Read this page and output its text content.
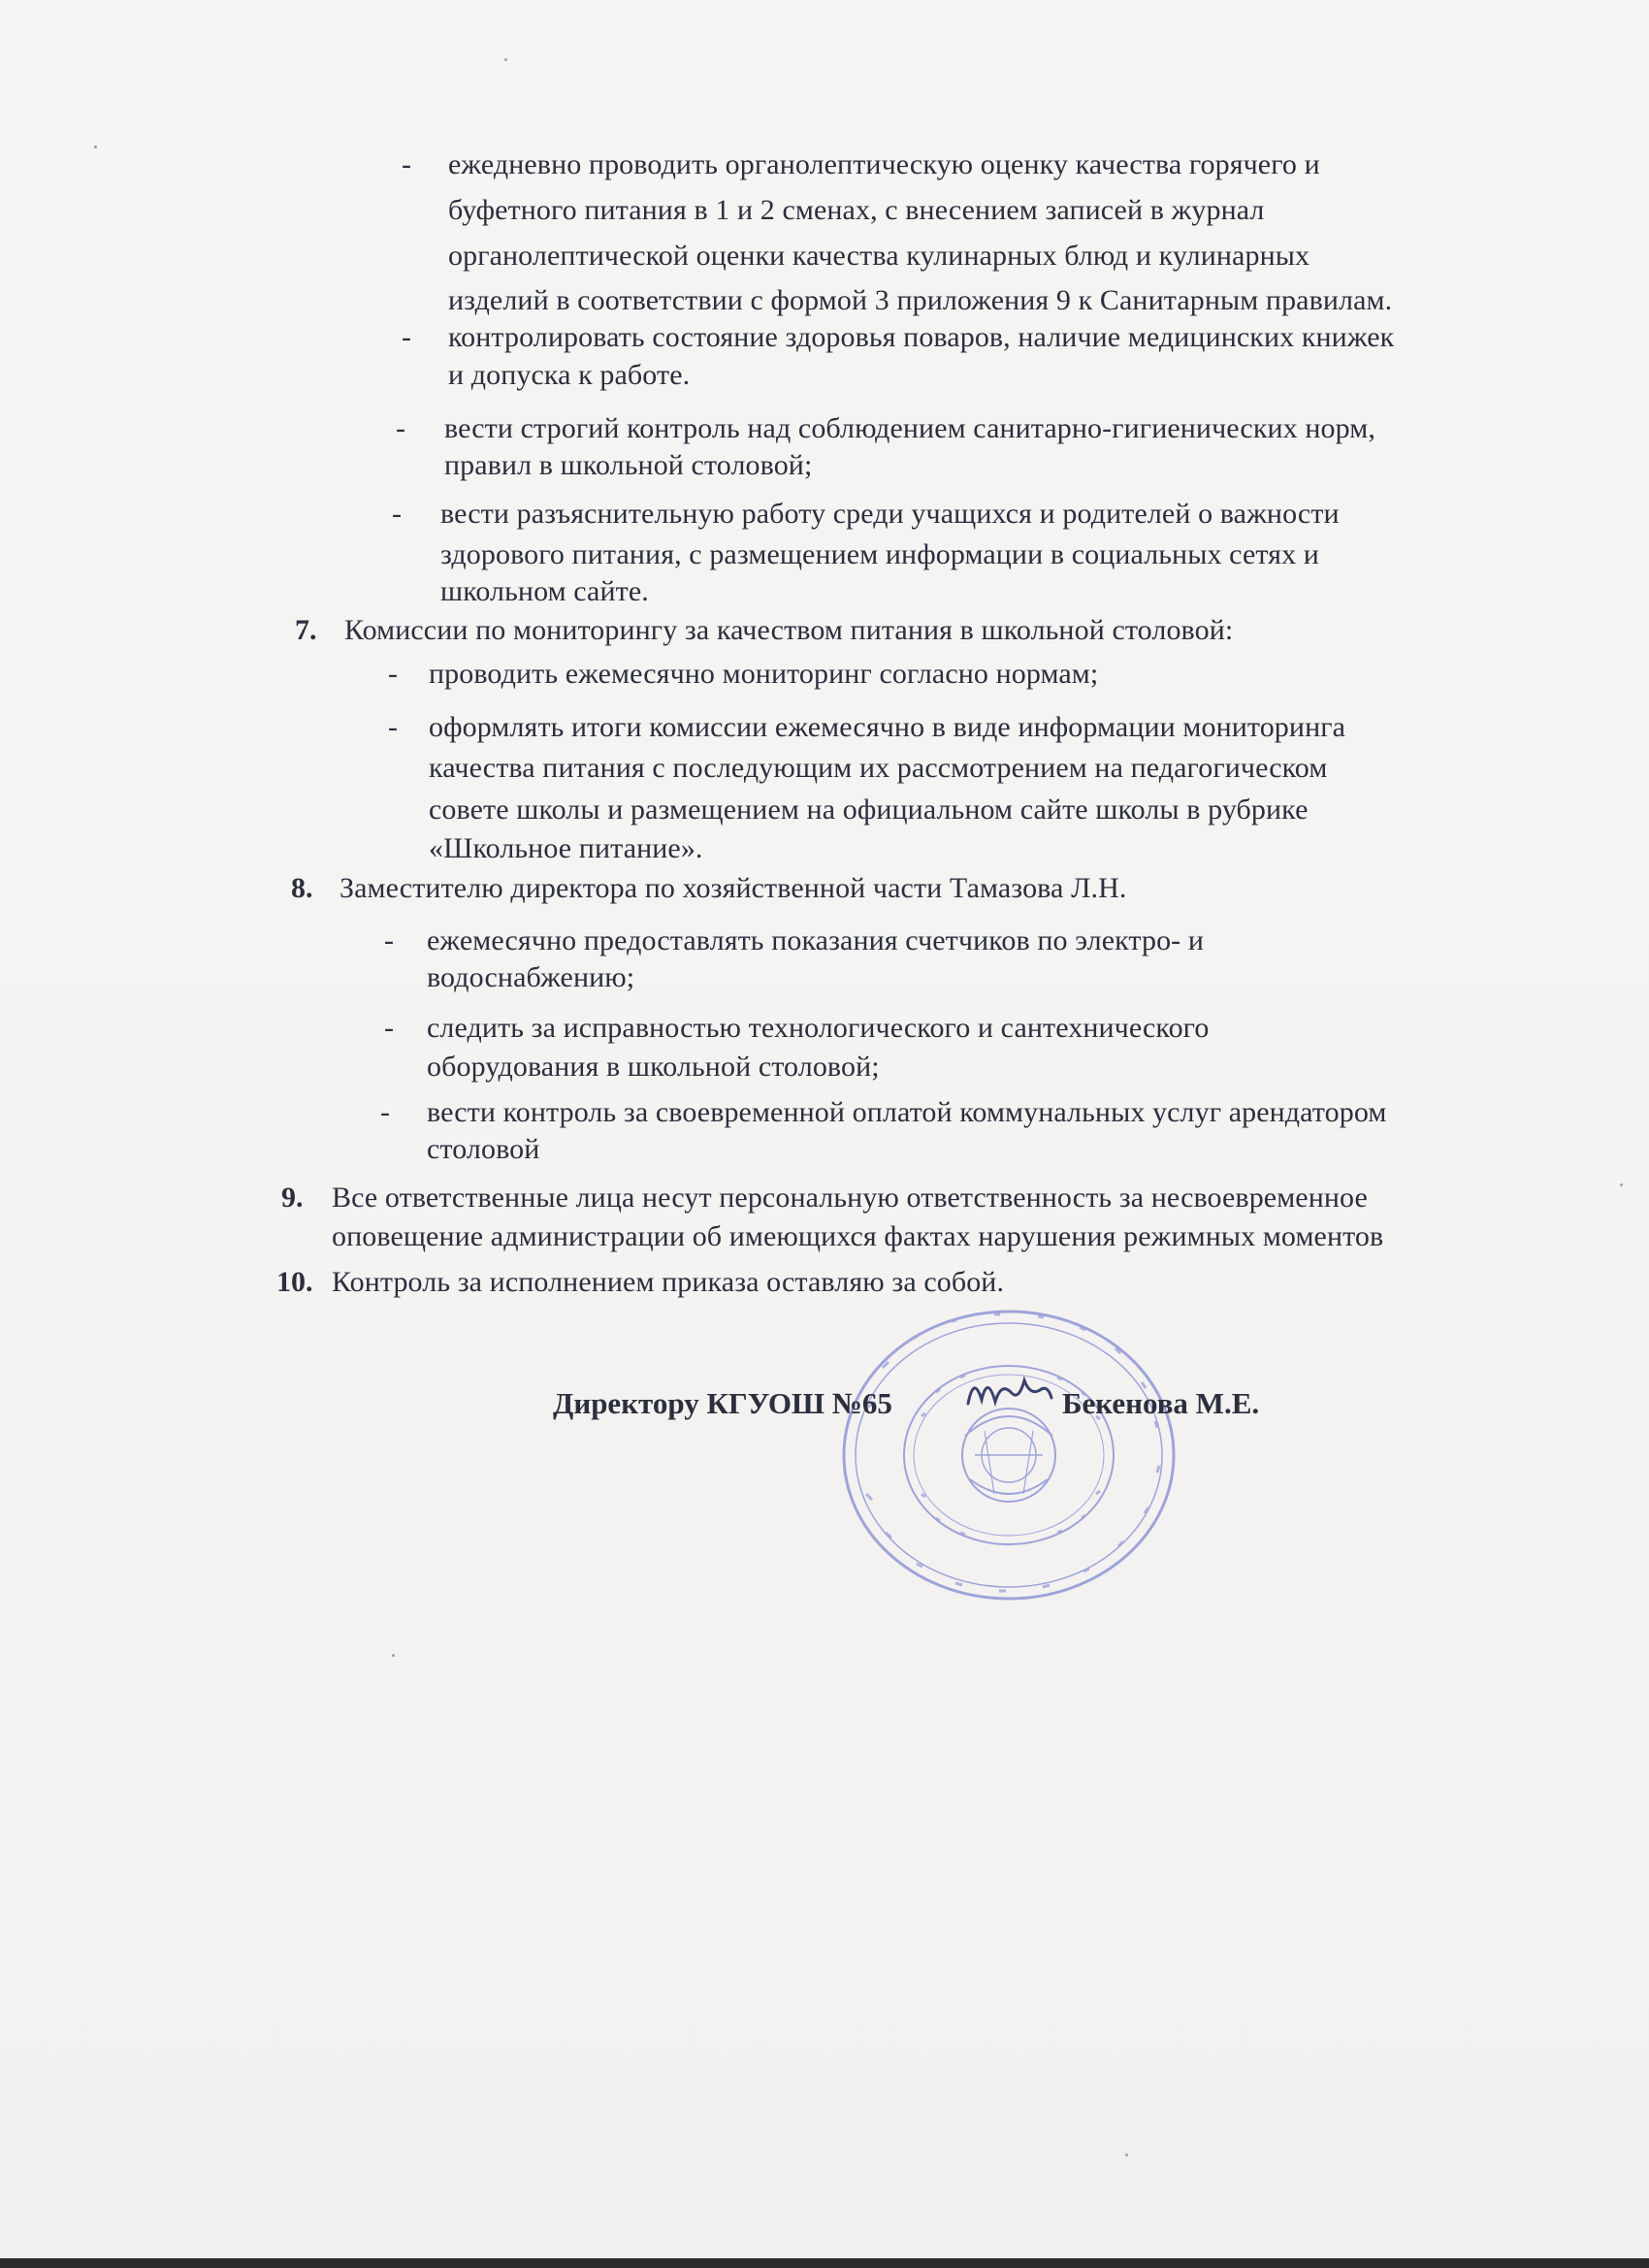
- ежедневно проводить органолептическую оценку качества горячего и
буфетного питания в 1 и 2 сменах, с внесением записей в журнал
органолептической оценки качества кулинарных блюд и кулинарных
изделий в соответствии с формой 3 приложения 9 к Санитарным правилам.
- контролировать состояние здоровья поваров, наличие медицинских книжек
и допуска к работе.
- вести строгий контроль над соблюдением санитарно-гигиенических норм,
правил в школьной столовой;
- вести разъяснительную работу среди учащихся и родителей о важности
здорового питания, с размещением информации в социальных сетях и
школьном сайте.
7. Комиссии по мониторингу за качеством питания в школьной столовой:
- проводить ежемесячно мониторинг согласно нормам;
- оформлять итоги комиссии ежемесячно в виде информации мониторинга
качества питания с последующим их рассмотрением на педагогическом
совете школы и размещением на официальном сайте школы в рубрике
«Школьное питание».
8. Заместителю директора по хозяйственной части Тамазова Л.Н.
- ежемесячно предоставлять показания счетчиков по электро- и
водоснабжению;
- следить за исправностью технологического и сантехнического
оборудования в школьной столовой;
- вести контроль за своевременной оплатой коммунальных услуг арендатором
столовой
9. Все ответственные лица несут персональную ответственность за несвоевременное
оповещение администрации об имеющихся фактах нарушения режимных моментов
10. Контроль за исполнением приказа оставляю за собой.
Директору КГУОШ №65	Бекенова М.Е.
